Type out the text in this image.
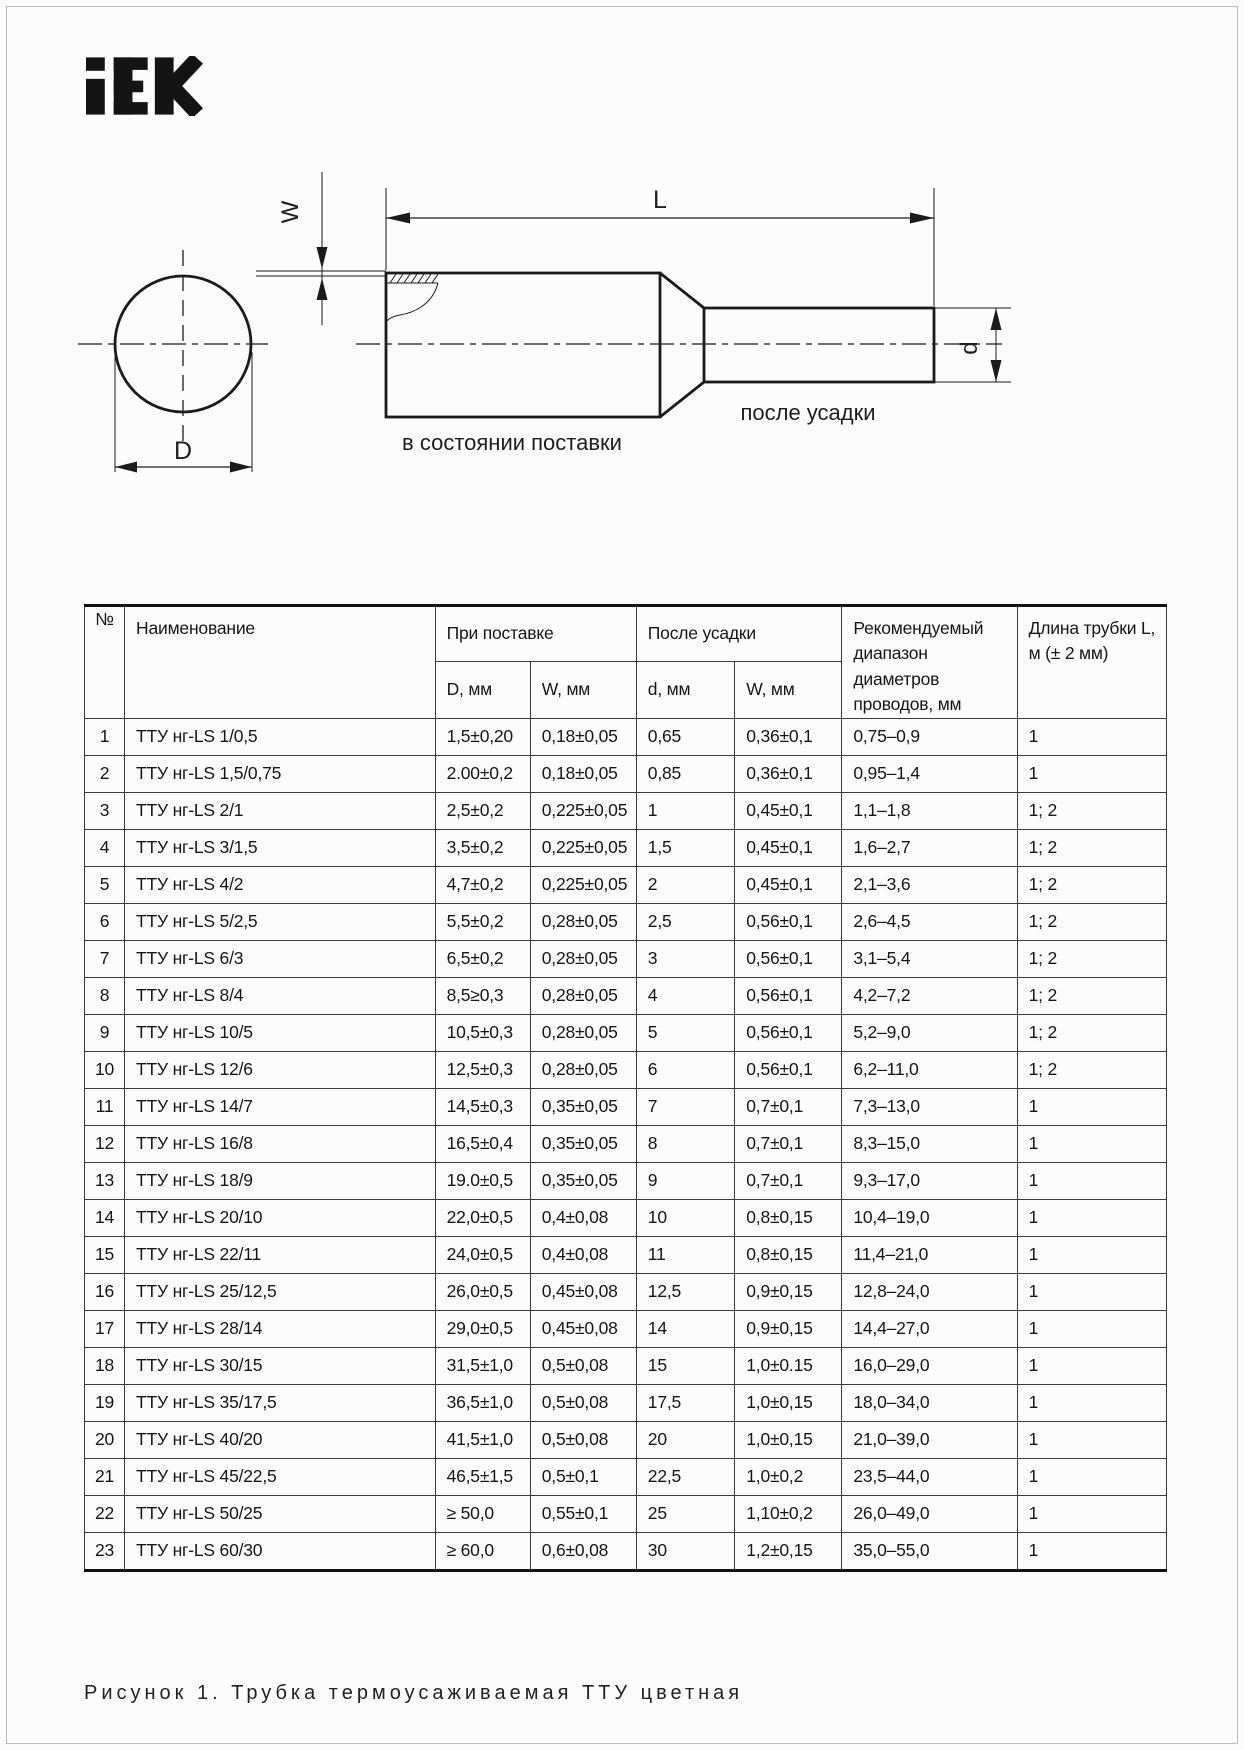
D
W	L
d
в состоянии поставки
после усадки
№	Наименование	При поставке		После усадки		Рекомендуемый диапазон диаметров проводов, мм	Длина трубки L, м (± 2 мм)
		D, мм	W, мм	d, мм	W, мм		
1	ТТУ нг-LS 1/0,5	1,5±0,20	0,18±0,05	0,65	0,36±0,1	0,75–0,9	1
2	ТТУ нг-LS 1,5/0,75	2.00±0,2	0,18±0,05	0,85	0,36±0,1	0,95–1,4	1
3	ТТУ нг-LS 2/1	2,5±0,2	0,225±0,05	1	0,45±0,1	1,1–1,8	1; 2
4	ТТУ нг-LS 3/1,5	3,5±0,2	0,225±0,05	1,5	0,45±0,1	1,6–2,7	1; 2
5	ТТУ нг-LS 4/2	4,7±0,2	0,225±0,05	2	0,45±0,1	2,1–3,6	1; 2
6	ТТУ нг-LS 5/2,5	5,5±0,2	0,28±0,05	2,5	0,56±0,1	2,6–4,5	1; 2
7	ТТУ нг-LS 6/3	6,5±0,2	0,28±0,05	3	0,56±0,1	3,1–5,4	1; 2
8	ТТУ нг-LS 8/4	8,5≥0,3	0,28±0,05	4	0,56±0,1	4,2–7,2	1; 2
9	ТТУ нг-LS 10/5	10,5±0,3	0,28±0,05	5	0,56±0,1	5,2–9,0	1; 2
10	ТТУ нг-LS 12/6	12,5±0,3	0,28±0,05	6	0,56±0,1	6,2–11,0	1; 2
11	ТТУ нг-LS 14/7	14,5±0,3	0,35±0,05	7	0,7±0,1	7,3–13,0	1
12	ТТУ нг-LS 16/8	16,5±0,4	0,35±0,05	8	0,7±0,1	8,3–15,0	1
13	ТТУ нг-LS 18/9	19.0±0,5	0,35±0,05	9	0,7±0,1	9,3–17,0	1
14	ТТУ нг-LS 20/10	22,0±0,5	0,4±0,08	10	0,8±0,15	10,4–19,0	1
15	ТТУ нг-LS 22/11	24,0±0,5	0,4±0,08	11	0,8±0,15	11,4–21,0	1
16	ТТУ нг-LS 25/12,5	26,0±0,5	0,45±0,08	12,5	0,9±0,15	12,8–24,0	1
17	ТТУ нг-LS 28/14	29,0±0,5	0,45±0,08	14	0,9±0,15	14,4–27,0	1
18	ТТУ нг-LS 30/15	31,5±1,0	0,5±0,08	15	1,0±0.15	16,0–29,0	1
19	ТТУ нг-LS 35/17,5	36,5±1,0	0,5±0,08	17,5	1,0±0,15	18,0–34,0	1
20	ТТУ нг-LS 40/20	41,5±1,0	0,5±0,08	20	1,0±0,15	21,0–39,0	1
21	ТТУ нг-LS 45/22,5	46,5±1,5	0,5±0,1	22,5	1,0±0,2	23,5–44,0	1
22	ТТУ нг-LS 50/25	≥ 50,0	0,55±0,1	25	1,10±0,2	26,0–49,0	1
23	ТТУ нг-LS 60/30	≥ 60,0	0,6±0,08	30	1,2±0,15	35,0–55,0	1
Рисунок 1. Трубка термоусаживаемая ТТУ цветная
